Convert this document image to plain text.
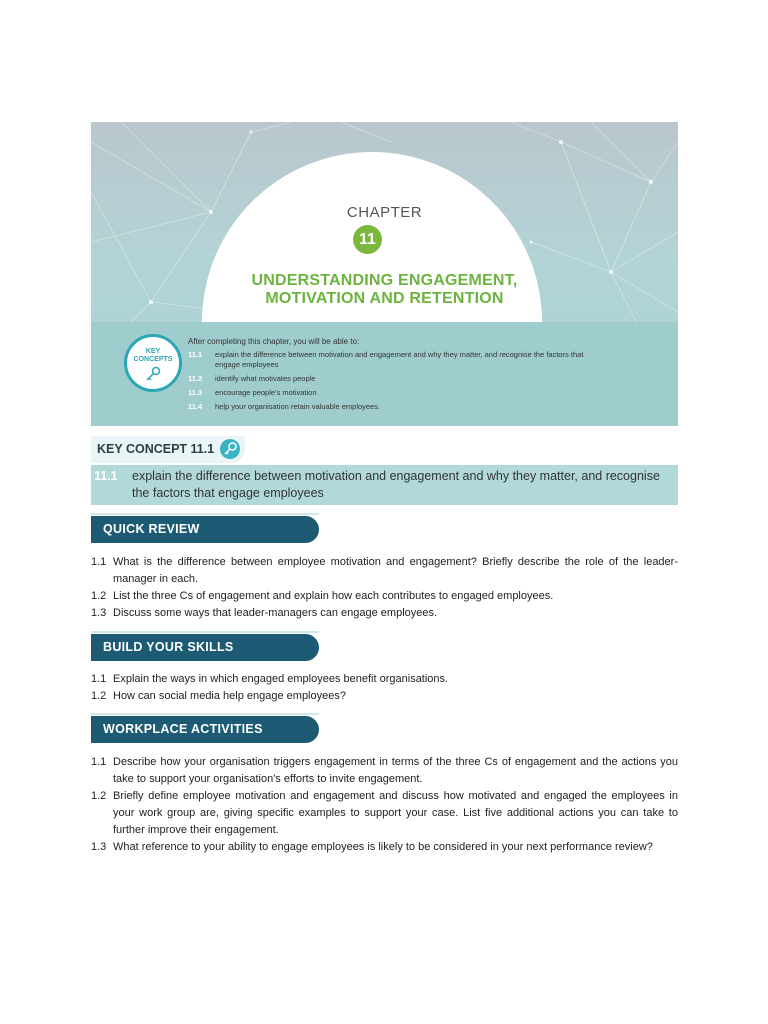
CHAPTER
11
UNDERSTANDING ENGAGEMENT,
MOTIVATION AND RETENTION
KEY
CONCEPTS
After completing this chapter, you will be able to:
11.1	explain the difference between motivation and engagement and why they matter, and recognise the factors that engage employees
11.2	identify what motivates people
11.3	encourage people's motivation
11.4	help your organisation retain valuable employees.
KEY CONCEPT 11.1
11.1 explain the difference between motivation and engagement and why they matter, and recognise the factors that engage employees
QUICK REVIEW
1.1 What is the difference between employee motivation and engagement? Briefly describe the role of the leader-manager in each.
1.2 List the three Cs of engagement and explain how each contributes to engaged employees.
1.3 Discuss some ways that leader-managers can engage employees.
BUILD YOUR SKILLS
1.1 Explain the ways in which engaged employees benefit organisations.
1.2 How can social media help engage employees?
WORKPLACE ACTIVITIES
1.1 Describe how your organisation triggers engagement in terms of the three Cs of engagement and the actions you take to support your organisation's efforts to invite engagement.
1.2 Briefly define employee motivation and engagement and discuss how motivated and engaged the employees in your work group are, giving specific examples to support your case. List five additional actions you can take to further improve their engagement.
1.3 What reference to your ability to engage employees is likely to be considered in your next performance review?
